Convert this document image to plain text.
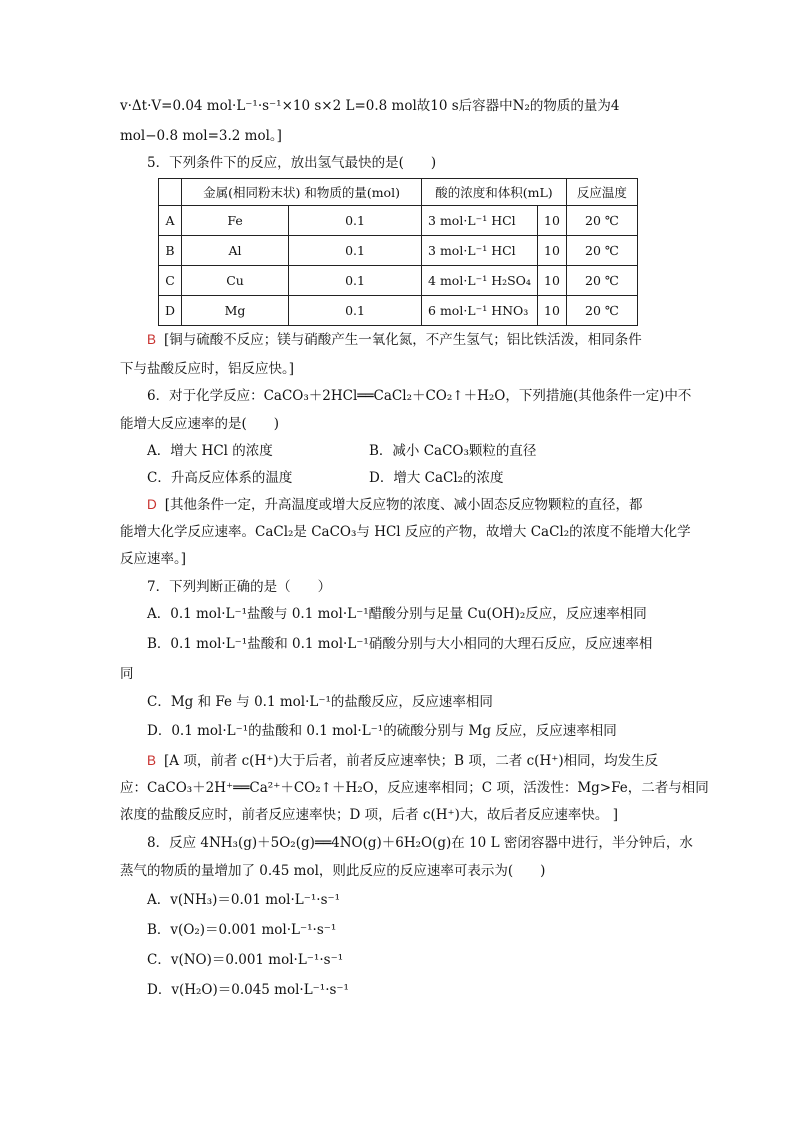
v·Δt·V=0.04 mol·L⁻¹·s⁻¹×10 s×2 L=0.8 mol故10 s后容器中N₂的物质的量为4
mol−0.8 mol=3.2 mol。]
5．下列条件下的反应，放出氢气最快的是(　　)
	金属(相同粉末状) 和物质的量(mol)		酸的浓度和体积(mL)		反应温度
A	Fe	0.1	3 mol·L⁻¹ HCl	10	20 ℃
B	Al	0.1	3 mol·L⁻¹ HCl	10	20 ℃
C	Cu	0.1	4 mol·L⁻¹ H₂SO₄	10	20 ℃
D	Mg	0.1	6 mol·L⁻¹ HNO₃	10	20 ℃
B [铜与硫酸不反应；镁与硝酸产生一氧化氮，不产生氢气；铝比铁活泼，相同条件
下与盐酸反应时，铝反应快。]
6．对于化学反应：CaCO₃＋2HCl══CaCl₂＋CO₂↑＋H₂O，下列措施(其他条件一定)中不
能增大反应速率的是(　　)
A．增大 HCl 的浓度	B．减小 CaCO₃颗粒的直径
C．升高反应体系的温度	D．增大 CaCl₂的浓度
D [其他条件一定，升高温度或增大反应物的浓度、减小固态反应物颗粒的直径，都
能增大化学反应速率。CaCl₂是 CaCO₃与 HCl 反应的产物，故增大 CaCl₂的浓度不能增大化学
反应速率。]
7．下列判断正确的是（　　）
A．0.1 mol·L⁻¹盐酸与 0.1 mol·L⁻¹醋酸分别与足量 Cu(OH)₂反应，反应速率相同
B．0.1 mol·L⁻¹盐酸和 0.1 mol·L⁻¹硝酸分别与大小相同的大理石反应，反应速率相
同
C．Mg 和 Fe 与 0.1 mol·L⁻¹的盐酸反应，反应速率相同
D．0.1 mol·L⁻¹的盐酸和 0.1 mol·L⁻¹的硫酸分别与 Mg 反应，反应速率相同
B [A 项，前者 c(H⁺)大于后者，前者反应速率快；B 项，二者 c(H⁺)相同，均发生反
应：CaCO₃＋2H⁺══Ca²⁺＋CO₂↑＋H₂O，反应速率相同；C 项，活泼性：Mg>Fe，二者与相同
浓度的盐酸反应时，前者反应速率快；D 项，后者 c(H⁺)大，故后者反应速率快。 ]
8．反应 4NH₃(g)＋5O₂(g)══4NO(g)＋6H₂O(g)在 10 L 密闭容器中进行，半分钟后，水
蒸气的物质的量增加了 0.45 mol，则此反应的反应速率可表示为(　　)
A．v(NH₃)＝0.01 mol·L⁻¹·s⁻¹
B．v(O₂)＝0.001 mol·L⁻¹·s⁻¹
C．v(NO)＝0.001 mol·L⁻¹·s⁻¹
D．v(H₂O)＝0.045 mol·L⁻¹·s⁻¹
